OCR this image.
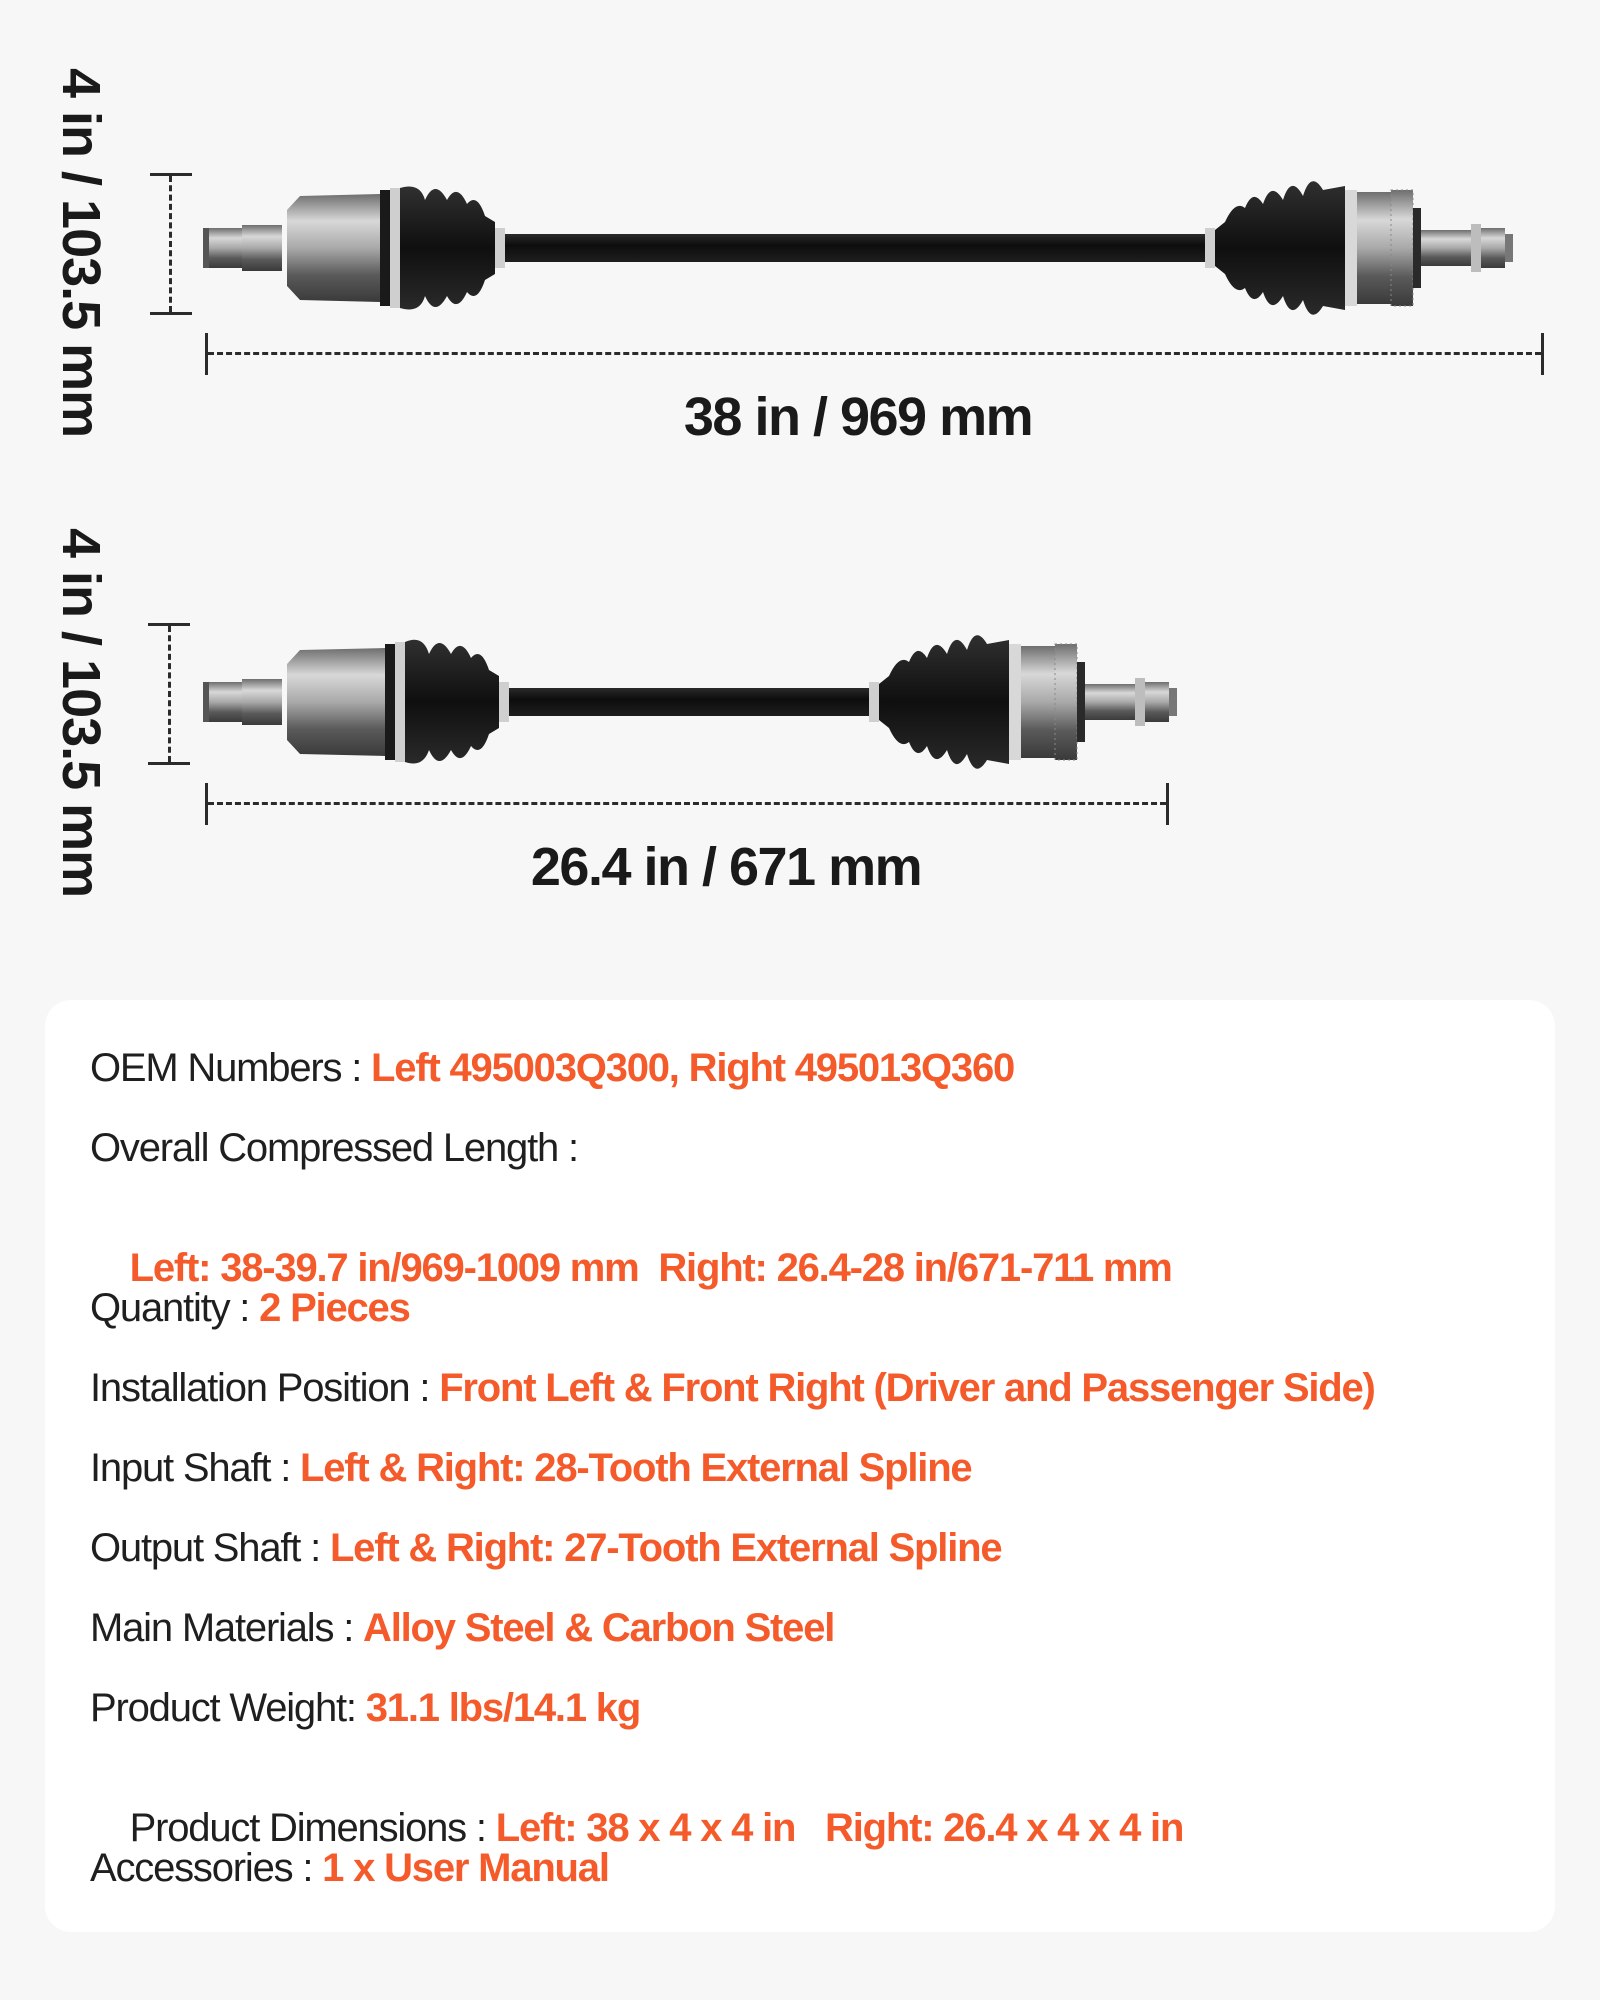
4 in / 103.5 mm	38 in / 969 mm
4 in / 103.5 mm	26.4 in / 671 mm
OEM Numbers : Left 495003Q300, Right 495013Q360
Overall Compressed Length :

Left: 38-39.7 in/969-1009 mm  Right: 26.4-28 in/671-711 mm

Quantity : 2 Pieces
Installation Position : Front Left & Front Right (Driver and Passenger Side)
Input Shaft : Left & Right: 28-Tooth External Spline
Output Shaft : Left & Right: 27-Tooth External Spline
Main Materials : Alloy Steel & Carbon Steel
Product Weight: 31.1 lbs/14.1 kg

Product Dimensions : Left: 38 x 4 x 4 in   Right: 26.4 x 4 x 4 in

Accessories : 1 x User Manual
